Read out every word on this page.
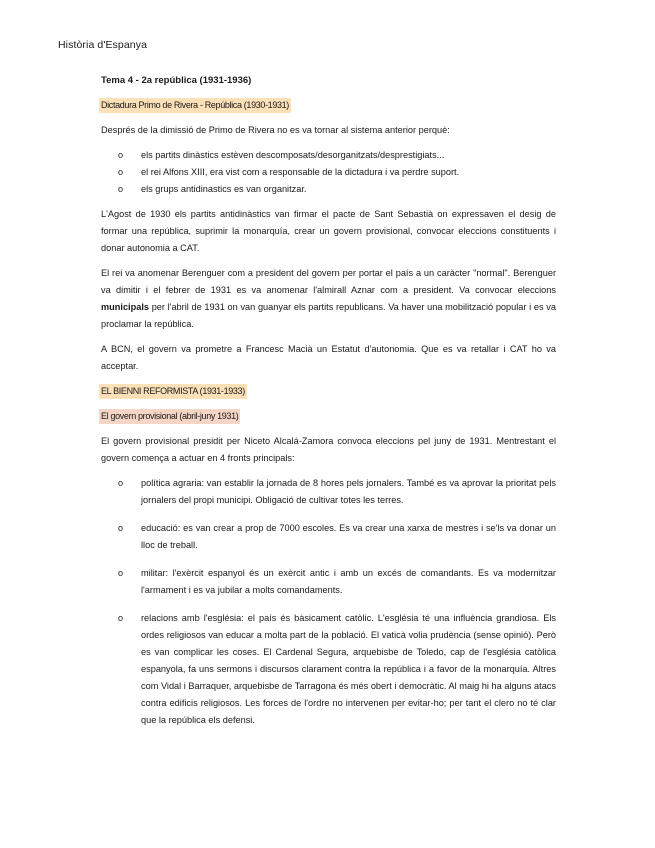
Història d'Espanya
Tema 4 - 2a república (1931-1936)
Dictadura Primo de Rivera - República (1930-1931)

Després de la dimissió de Primo de Rivera no es va tornar al sistema anterior perquè:

o els partits dinàstics estèven descomposats/desorganitzats/desprestigiats...
o el rei Alfons XIII, era vist com a responsable de la dictadura i va perdre suport.
o els grups antidinastics es van organitzar.

L'Agost de 1930 els partits antidinàstics van firmar el pacte de Sant Sebastià on expressaven el desig de formar una república, suprimir la monarquía, crear un govern provisional, convocar eleccions constituents i donar autonomia a CAT.

El rei va anomenar Berenguer com a president del govern per portar el país a un caràcter "normal". Berenguer va dimitir i el febrer de 1931 es va anomenar l'almirall Aznar com a president. Va convocar eleccions municipals per l'abril de 1931 on van guanyar els partits republicans. Va haver una mobilització popular i es va proclamar la república.

A BCN, el govern va prometre a Francesc Macià un Estatut d'autonomia. Que es va retallar i CAT ho va acceptar.

EL BIENNI REFORMISTA (1931-1933)
El govern provisional (abril-juny 1931)

El govern provisional presidit per Niceto Alcalá-Zamora convoca eleccions pel juny de 1931. Mentrestant el govern comença a actuar en 4 fronts principals:

o política agraria: van establir la jornada de 8 hores pels jornalers. També es va aprovar la prioritat pels jornalers del propi municipi. Obligació de cultivar totes les terres.
o educació: es van crear a prop de 7000 escoles. Es va crear una xarxa de mestres i se'ls va donar un lloc de treball.
o militar: l'exèrcit espanyol és un exèrcit antic i amb un excés de comandants. Es va modernitzar l'armament i es va jubilar a molts comandaments.
o relacions amb l'església: el país és bàsicament catòlic. L'església té una influència grandiosa. Els ordes religiosos van educar a molta part de la població. El vaticà volia prudència (sense opinió). Però es van complicar les coses. El Cardenal Segura, arquebisbe de Toledo, cap de l'església catòlica espanyola, fa uns sermons i discursos clarament contra la república i a favor de la monarquía. Altres com Vidal i Barraquer, arquebisbe de Tarragona és més obert i democràtic. Al maig hi ha alguns atacs contra edificis religiosos. Les forces de l'ordre no intervenen per evitar-ho; per tant el clero no té clar que la república els defensi.
